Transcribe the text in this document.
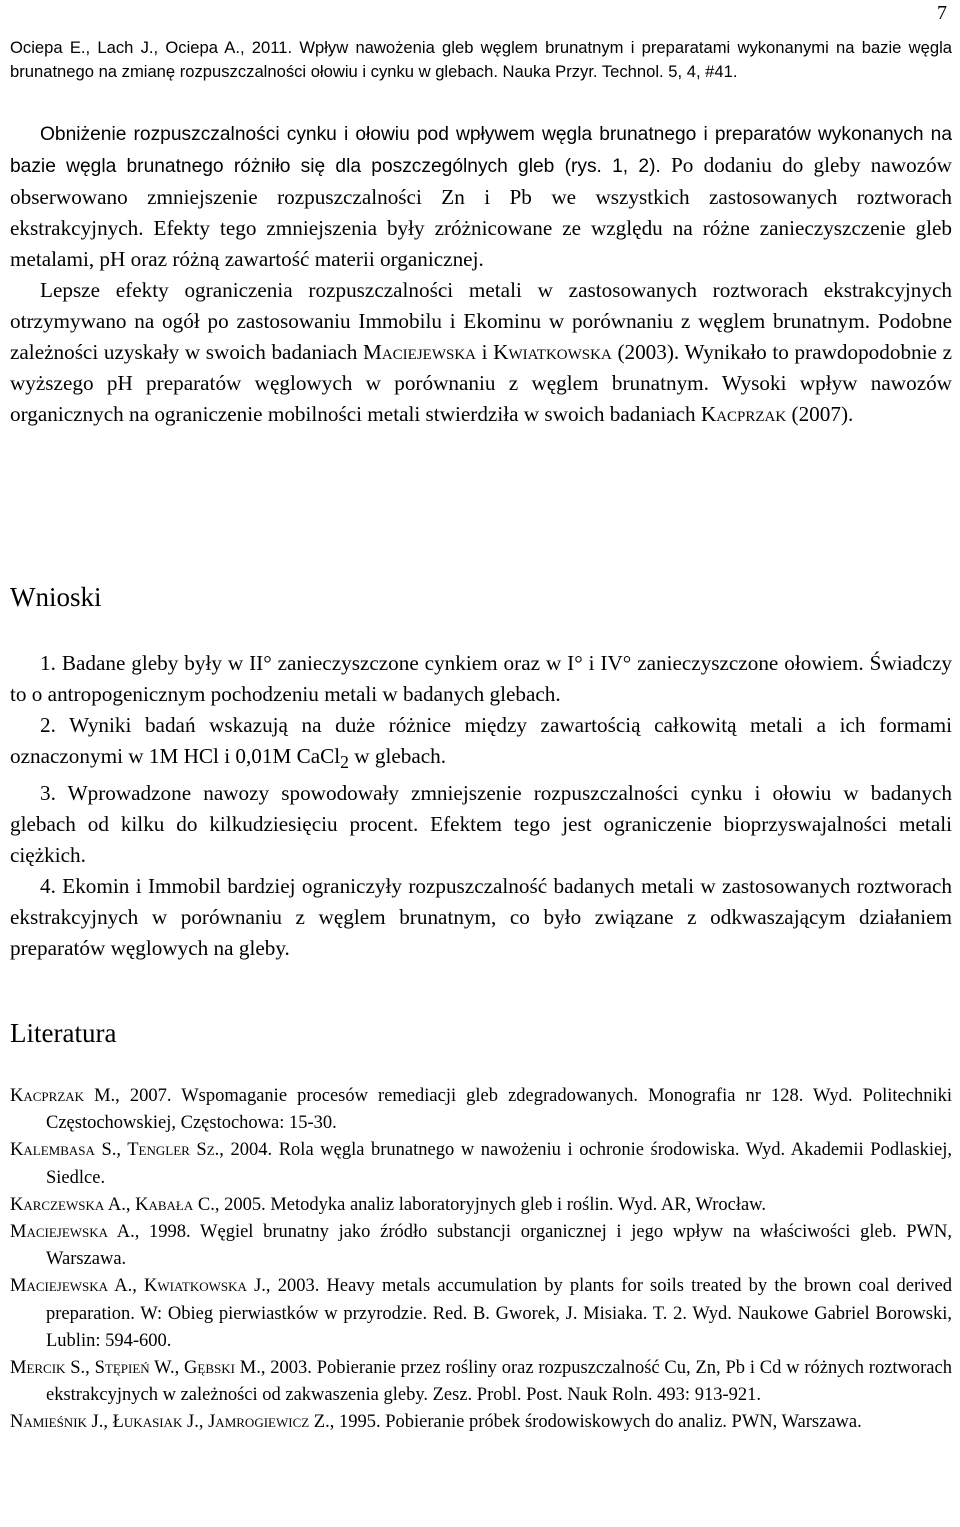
7
Ociepa E., Lach J., Ociepa A., 2011. Wpływ nawożenia gleb węglem brunatnym i preparatami wykonanymi na bazie węgla brunatnego na zmianę rozpuszczalności ołowiu i cynku w glebach. Nauka Przyr. Technol. 5, 4, #41.

Obniżenie rozpuszczalności cynku i ołowiu pod wpływem węgla brunatnego i preparatów wykonanych na bazie węgla brunatnego różniło się dla poszczególnych gleb (rys. 1, 2). Po dodaniu do gleby nawozów obserwowano zmniejszenie rozpuszczalności Zn i Pb we wszystkich zastosowanych roztworach ekstrakcyjnych. Efekty tego zmniejszenia były zróżnicowane ze względu na różne zanieczyszczenie gleb metalami, pH oraz różną zawartość materii organicznej.

Lepsze efekty ograniczenia rozpuszczalności metali w zastosowanych roztworach ekstrakcyjnych otrzymywano na ogół po zastosowaniu Immobilu i Ekominu w porównaniu z węglem brunatnym. Podobne zależności uzyskały w swoich badaniach Maciejewska i Kwiatkowska (2003). Wynikało to prawdopodobnie z wyższego pH preparatów węglowych w porównaniu z węglem brunatnym. Wysoki wpływ nawozów organicznych na ograniczenie mobilności metali stwierdziła w swoich badaniach Kacprzak (2007).

Wnioski

1. Badane gleby były w II° zanieczyszczone cynkiem oraz w I° i IV° zanieczyszczone ołowiem. Świadczy to o antropogenicznym pochodzeniu metali w badanych glebach.

2. Wyniki badań wskazują na duże różnice między zawartością całkowitą metali a ich formami oznaczonymi w 1M HCl i 0,01M CaCl$_2$ w glebach.

3. Wprowadzone nawozy spowodowały zmniejszenie rozpuszczalności cynku i ołowiu w badanych glebach od kilku do kilkudziesięciu procent. Efektem tego jest ograniczenie bioprzyswajalności metali ciężkich.

4. Ekomin i Immobil bardziej ograniczyły rozpuszczalność badanych metali w zastosowanych roztworach ekstrakcyjnych w porównaniu z węglem brunatnym, co było związane z odkwaszającym działaniem preparatów węglowych na gleby.

Literatura

Kacprzak M., 2007. Wspomaganie procesów remediacji gleb zdegradowanych. Monografia nr 128. Wyd. Politechniki Częstochowskiej, Częstochowa: 15-30.

Kalembasa S., Tengler Sz., 2004. Rola węgla brunatnego w nawożeniu i ochronie środowiska. Wyd. Akademii Podlaskiej, Siedlce.

Karczewska A., Kabała C., 2005. Metodyka analiz laboratoryjnych gleb i roślin. Wyd. AR, Wrocław.

Maciejewska A., 1998. Węgiel brunatny jako źródło substancji organicznej i jego wpływ na właściwości gleb. PWN, Warszawa.

Maciejewska A., Kwiatkowska J., 2003. Heavy metals accumulation by plants for soils treated by the brown coal derived preparation. W: Obieg pierwiastków w przyrodzie. Red. B. Gworek, J. Misiaka. T. 2. Wyd. Naukowe Gabriel Borowski, Lublin: 594-600.

Mercik S., Stępień W., Gębski M., 2003. Pobieranie przez rośliny oraz rozpuszczalność Cu, Zn, Pb i Cd w różnych roztworach ekstrakcyjnych w zależności od zakwaszenia gleby. Zesz. Probl. Post. Nauk Roln. 493: 913-921.

Namieśnik J., Łukasiak J., Jamrogiewicz Z., 1995. Pobieranie próbek środowiskowych do analiz. PWN, Warszawa.
